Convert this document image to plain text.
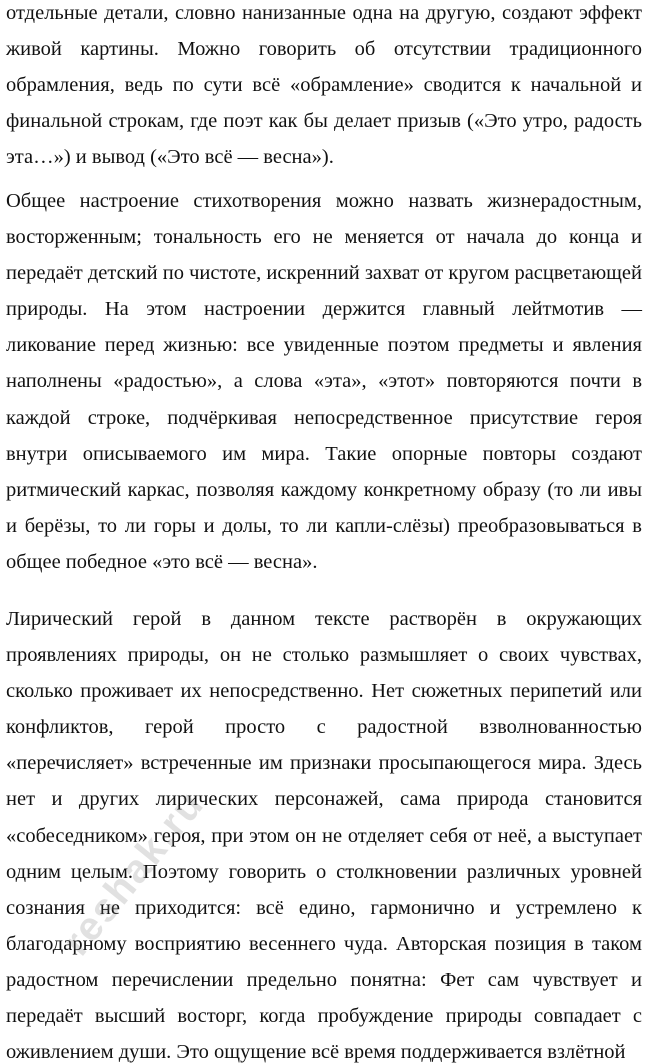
отдельные детали, словно нанизанные одна на другую, создают эффект живой картины. Можно говорить об отсутствии традиционного обрамления, ведь по сути всё «обрамление» сводится к начальной и финальной строкам, где поэт как бы делает призыв («Это утро, радость эта…») и вывод («Это всё — весна»).

Общее настроение стихотворения можно назвать жизнерадостным, восторженным; тональность его не меняется от начала до конца и передаёт детский по чистоте, искренний захват от кругом расцветающей природы. На этом настроении держится главный лейтмотив — ликование перед жизнью: все увиденные поэтом предметы и явления наполнены «радостью», а слова «эта», «этот» повторяются почти в каждой строке, подчёркивая непосредственное присутствие героя внутри описываемого им мира. Такие опорные повторы создают ритмический каркас, позволяя каждому конкретному образу (то ли ивы и берёзы, то ли горы и долы, то ли капли-слёзы) преобразовываться в общее победное «это всё — весна».

Лирический герой в данном тексте растворён в окружающих проявлениях природы, он не столько размышляет о своих чувствах, сколько проживает их непосредственно. Нет сюжетных перипетий или конфликтов, герой просто с радостной взволнованностью «перечисляет» встреченные им признаки просыпающегося мира. Здесь нет и других лирических персонажей, сама природа становится «собеседником» героя, при этом он не отделяет себя от неё, а выступает одним целым. Поэтому говорить о столкновении различных уровней сознания не приходится: всё едино, гармонично и устремлено к благодарному восприятию весеннего чуда. Авторская позиция в таком радостном перечислении предельно понятна: Фет сам чувствует и передаёт высший восторг, когда пробуждение природы совпадает с оживлением души. Это ощущение всё время поддерживается взлётной

reshak.ru
